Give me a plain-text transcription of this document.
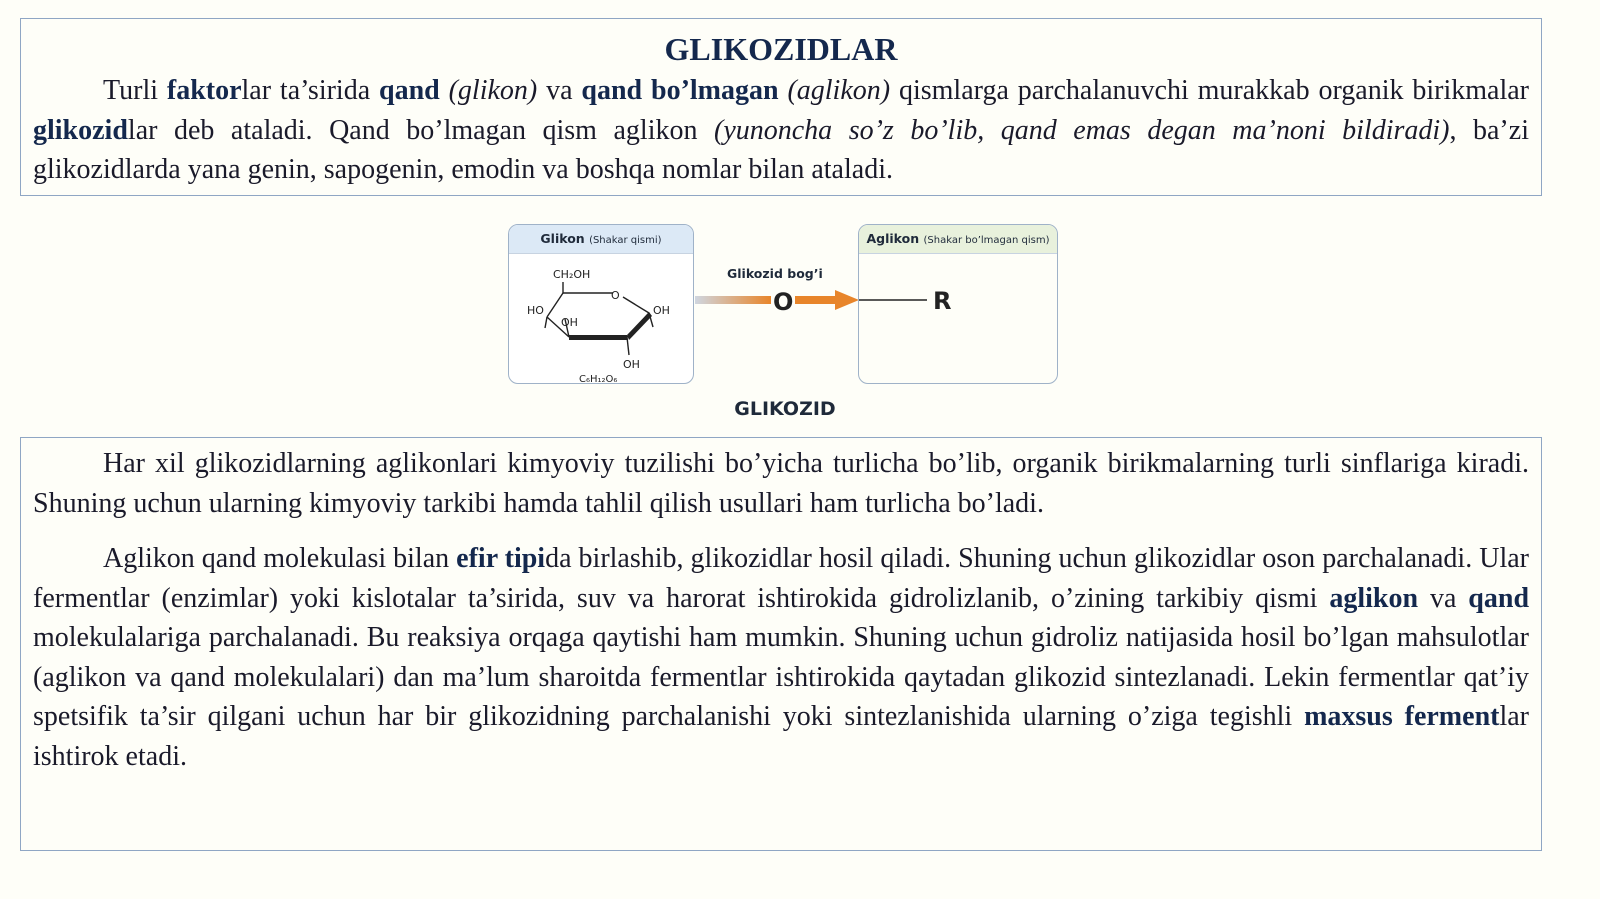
GLIKOZIDLAR

Turli faktorlar ta’sirida qand (glikon) va qand bo’lmagan (aglikon) qismlarga parchalanuvchi murakkab organik birikmalar glikozidlar deb ataladi. Qand bo’lmagan qism aglikon (yunoncha so’z bo’lib, qand emas degan ma’noni bildiradi), ba’zi glikozidlarda yana genin, sapogenin, emodin va boshqa nomlar bilan ataladi.

Glikon (Shakar qismi)
CH₂OH
O
HO	OH
OH
OH
C₆H₁₂O₆
Glikozid bog’i
O	R
Aglikon (Shakar bo’lmagan qism)
GLIKOZID

Har xil glikozidlarning aglikonlari kimyoviy tuzilishi bo’yicha turlicha bo’lib, organik birikmalarning turli sinflariga kiradi. Shuning uchun ularning kimyoviy tarkibi hamda tahlil qilish usullari ham turlicha bo’ladi.

Aglikon qand molekulasi bilan efir tipida birlashib, glikozidlar hosil qiladi. Shuning uchun glikozidlar oson parchalanadi. Ular fermentlar (enzimlar) yoki kislotalar ta’sirida, suv va harorat ishtirokida gidrolizlanib, o’zining tarkibiy qismi aglikon va qand molekulalariga parchalanadi. Bu reaksiya orqaga qaytishi ham mumkin. Shuning uchun gidroliz natijasida hosil bo’lgan mahsulotlar (aglikon va qand molekulalari) dan ma’lum sharoitda fermentlar ishtirokida qaytadan glikozid sintezlanadi. Lekin fermentlar qat’iy spetsifik ta’sir qilgani uchun har bir glikozidning parchalanishi yoki sintezlanishida ularning o’ziga tegishli maxsus fermentlar ishtirok etadi.
